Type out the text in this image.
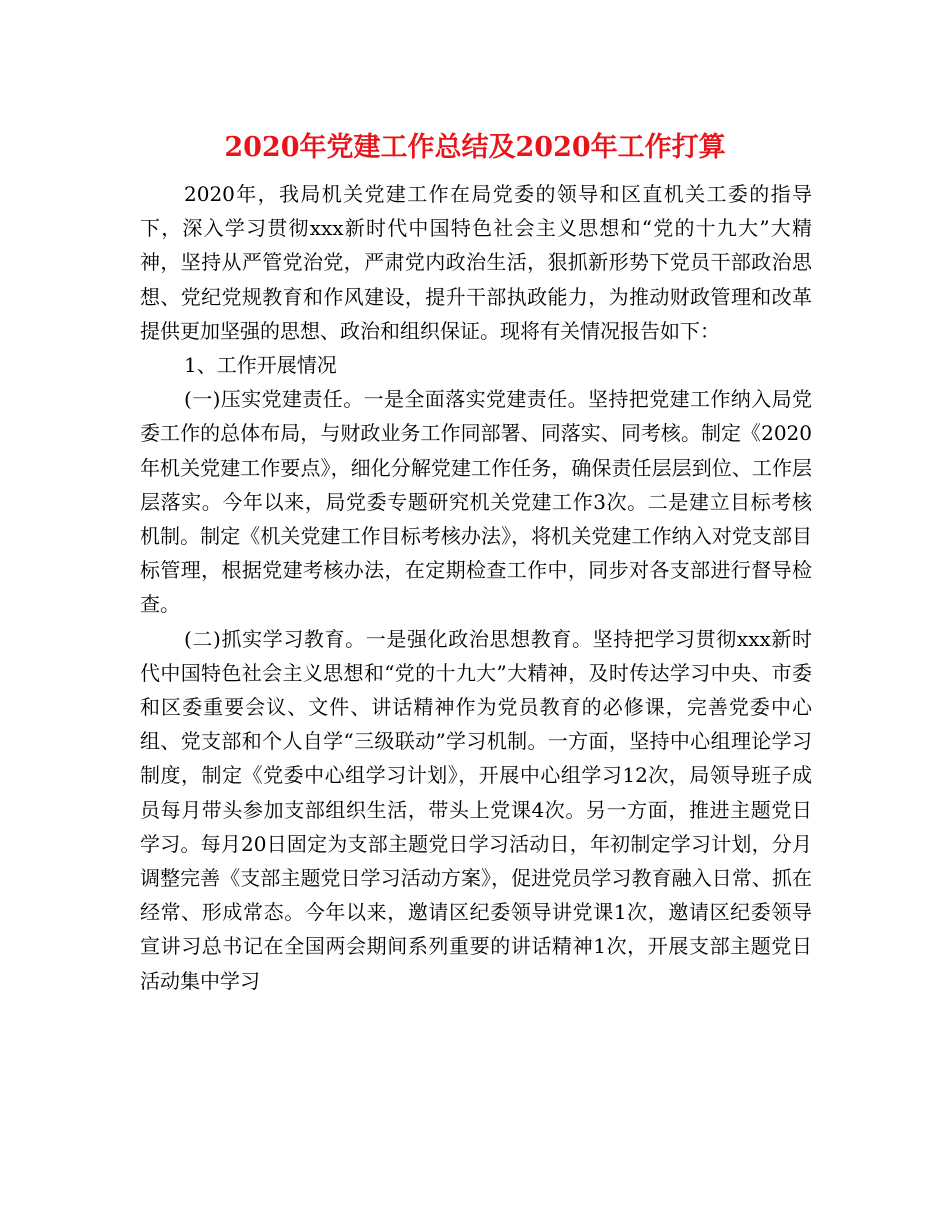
2020年党建工作总结及2020年工作打算

2020年，我局机关党建工作在局党委的领导和区直机关工委的指导下，深入学习贯彻xxx新时代中国特色社会主义思想和“党的十九大”大精神，坚持从严管党治党，严肃党内政治生活，狠抓新形势下党员干部政治思想、党纪党规教育和作风建设，提升干部执政能力，为推动财政管理和改革提供更加坚强的思想、政治和组织保证。现将有关情况报告如下：

1、工作开展情况

(一)压实党建责任。一是全面落实党建责任。坚持把党建工作纳入局党委工作的总体布局，与财政业务工作同部署、同落实、同考核。制定《2020年机关党建工作要点》，细化分解党建工作任务，确保责任层层到位、工作层层落实。今年以来，局党委专题研究机关党建工作3次。二是建立目标考核机制。制定《机关党建工作目标考核办法》，将机关党建工作纳入对党支部目标管理，根据党建考核办法，在定期检查工作中，同步对各支部进行督导检查。

(二)抓实学习教育。一是强化政治思想教育。坚持把学习贯彻xxx新时代中国特色社会主义思想和“党的十九大”大精神，及时传达学习中央、市委和区委重要会议、文件、讲话精神作为党员教育的必修课，完善党委中心组、党支部和个人自学“三级联动”学习机制。一方面，坚持中心组理论学习制度，制定《党委中心组学习计划》，开展中心组学习12次，局领导班子成员每月带头参加支部组织生活，带头上党课4次。另一方面，推进主题党日学习。每月20日固定为支部主题党日学习活动日，年初制定学习计划，分月调整完善《支部主题党日学习活动方案》，促进党员学习教育融入日常、抓在经常、形成常态。今年以来，邀请区纪委领导讲党课1次，邀请区纪委领导宣讲习总书记在全国两会期间系列重要的讲话精神1次，开展支部主题党日活动集中学习
